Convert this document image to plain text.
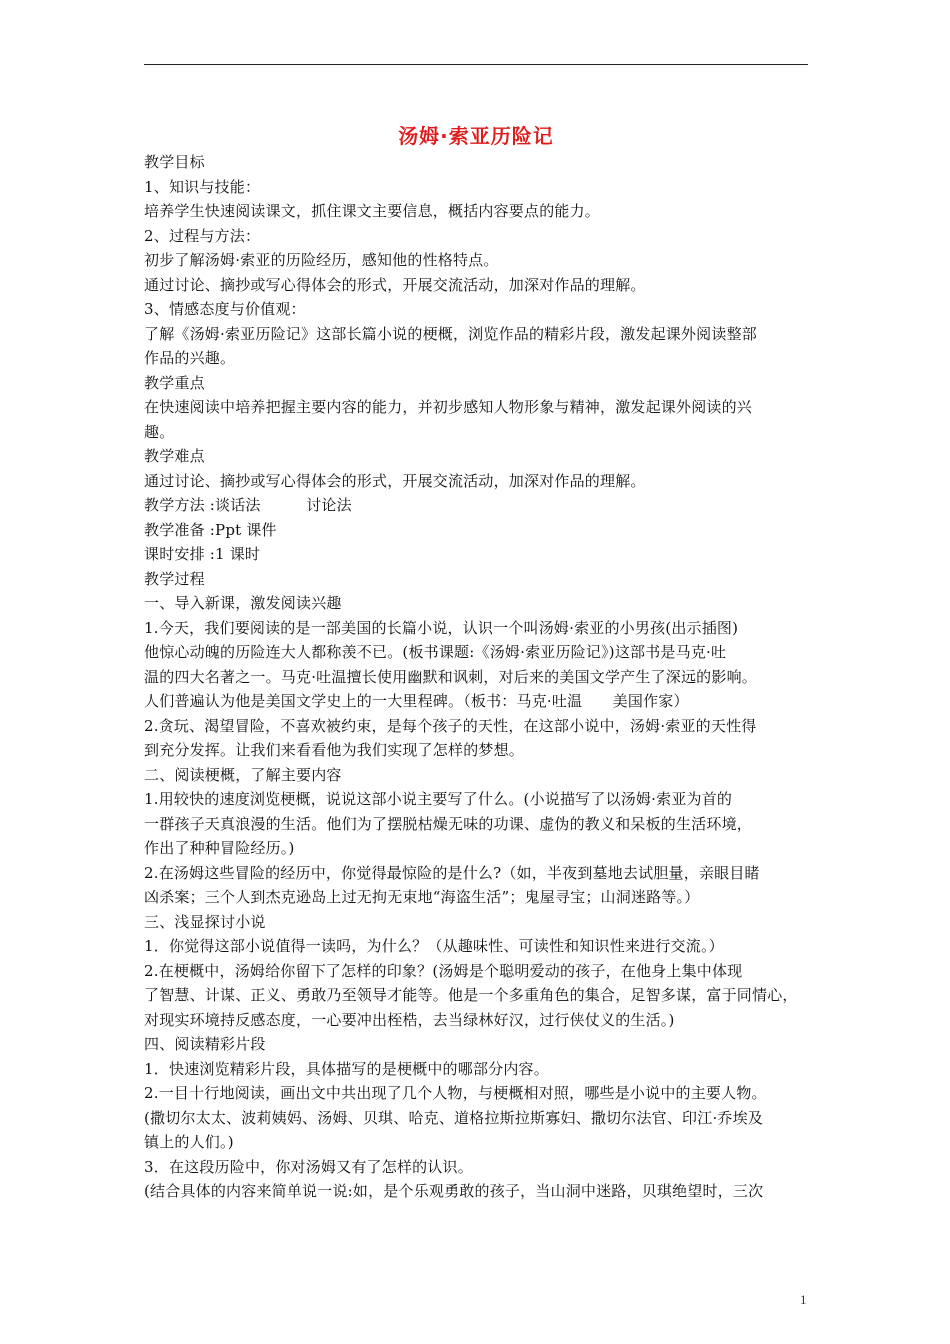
汤姆·索亚历险记
教学目标
1、知识与技能：
培养学生快速阅读课文，抓住课文主要信息，概括内容要点的能力。
2、过程与方法：
初步了解汤姆·索亚的历险经历，感知他的性格特点。
通过讨论、摘抄或写心得体会的形式，开展交流活动，加深对作品的理解。
3、情感态度与价值观：
了解《汤姆·索亚历险记》这部长篇小说的梗概，浏览作品的精彩片段，激发起课外阅读整部
作品的兴趣。
教学重点
在快速阅读中培养把握主要内容的能力，并初步感知人物形象与精神，激发起课外阅读的兴
趣。
教学难点
通过讨论、摘抄或写心得体会的形式，开展交流活动，加深对作品的理解。
教学方法 :谈话法　　　讨论法
教学准备 :Ppt 课件
课时安排 :1 课时
教学过程
一、导入新课，激发阅读兴趣
1.今天，我们要阅读的是一部美国的长篇小说，认识一个叫汤姆·索亚的小男孩(出示插图)
他惊心动魄的历险连大人都称羡不已。(板书课题:《汤姆·索亚历险记》)这部书是马克·吐
温的四大名著之一。马克·吐温擅长使用幽默和讽刺，对后来的美国文学产生了深远的影响。
人们普遍认为他是美国文学史上的一大里程碑。（板书：马克·吐温　　美国作家）
2.贪玩、渴望冒险，不喜欢被约束，是每个孩子的天性，在这部小说中，汤姆·索亚的天性得
到充分发挥。让我们来看看他为我们实现了怎样的梦想。
二、阅读梗概，了解主要内容
1.用较快的速度浏览梗概，说说这部小说主要写了什么。(小说描写了以汤姆·索亚为首的
一群孩子天真浪漫的生活。他们为了摆脱枯燥无味的功课、虚伪的教义和呆板的生活环境，
作出了种种冒险经历。)
2.在汤姆这些冒险的经历中，你觉得最惊险的是什么?（如，半夜到墓地去试胆量，亲眼目睹
凶杀案；三个人到杰克逊岛上过无拘无束地“海盗生活”；鬼屋寻宝；山洞迷路等。）
三、浅显探讨小说
1．你觉得这部小说值得一读吗，为什么？（从趣味性、可读性和知识性来进行交流。）
2.在梗概中，汤姆给你留下了怎样的印象？(汤姆是个聪明爱动的孩子，在他身上集中体现
了智慧、计谋、正义、勇敢乃至领导才能等。他是一个多重角色的集合，足智多谋，富于同情心，
对现实环境持反感态度，一心要冲出桎梏，去当绿林好汉，过行侠仗义的生活。)
四、阅读精彩片段
1．快速浏览精彩片段，具体描写的是梗概中的哪部分内容。
2.一目十行地阅读，画出文中共出现了几个人物，与梗概相对照，哪些是小说中的主要人物。
(撒切尔太太、波莉姨妈、汤姆、贝琪、哈克、道格拉斯拉斯寡妇、撒切尔法官、印江·乔埃及
镇上的人们。)
3．在这段历险中，你对汤姆又有了怎样的认识。
(结合具体的内容来简单说一说:如，是个乐观勇敢的孩子，当山洞中迷路，贝琪绝望时，三次
1
